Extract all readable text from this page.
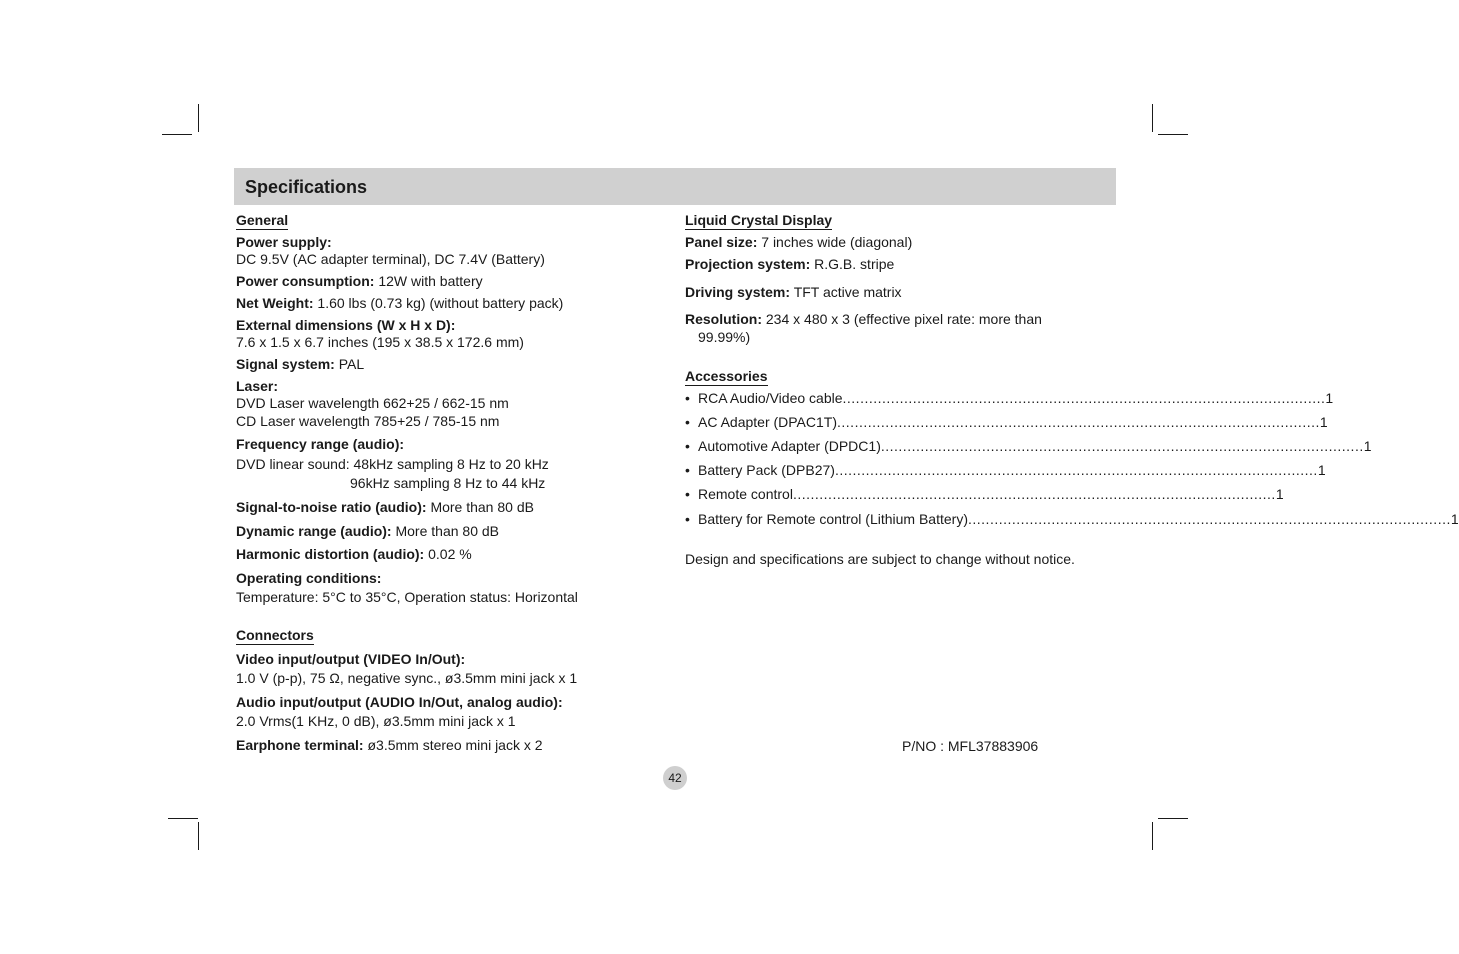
Specifications
General
Power supply:
DC 9.5V (AC adapter terminal), DC 7.4V (Battery)
Power consumption: 12W with battery
Net Weight: 1.60 lbs (0.73 kg) (without battery pack)
External dimensions (W x H x D):
7.6 x 1.5 x 6.7 inches (195 x 38.5 x 172.6 mm)
Signal system: PAL
Laser:
DVD Laser wavelength 662+25 / 662-15 nm
CD Laser wavelength 785+25 / 785-15 nm
Frequency range (audio):
DVD linear sound: 48kHz sampling 8 Hz to 20 kHz
96kHz sampling 8 Hz to 44 kHz
Signal-to-noise ratio (audio): More than 80 dB
Dynamic range (audio): More than 80 dB
Harmonic distortion (audio): 0.02 %
Operating conditions:
Temperature: 5°C to 35°C, Operation status: Horizontal
Connectors
Video input/output (VIDEO In/Out):
1.0 V (p-p), 75 Ω, negative sync., ø3.5mm mini jack x 1
Audio input/output (AUDIO In/Out, analog audio):
2.0 Vrms(1 KHz, 0 dB), ø3.5mm mini jack x 1
Earphone terminal: ø3.5mm stereo mini jack x 2
Liquid Crystal Display
Panel size: 7 inches wide (diagonal)
Projection system: R.G.B. stripe
Driving system: TFT active matrix
Resolution: 234 x 480 x 3 (effective pixel rate: more than
99.99%)
Accessories
• RCA Audio/Video cable .............................................................................................................. 1
• AC Adapter (DPAC1T) .............................................................................................................. 1
• Automotive Adapter (DPDC1) .............................................................................................................. 1
• Battery Pack (DPB27) .............................................................................................................. 1
• Remote control .............................................................................................................. 1
• Battery for Remote control (Lithium Battery) .............................................................................................................. 1
Design and specifications are subject to change without notice.
P/NO : MFL37883906
42
